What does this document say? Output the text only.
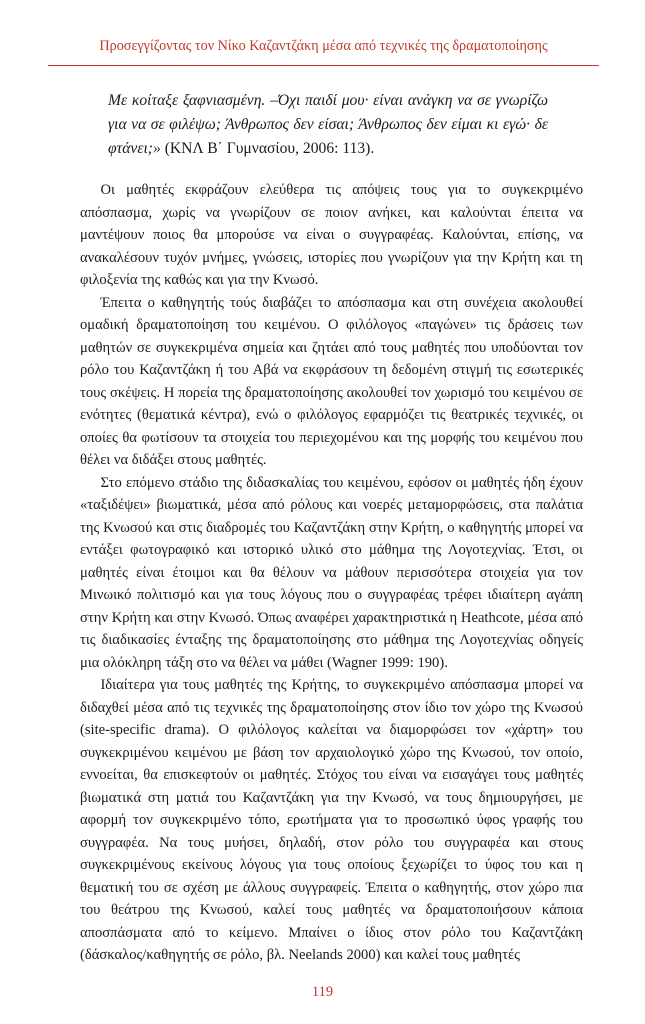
Προσεγγίζοντας τον Νίκο Καζαντζάκη μέσα από τεχνικές της δραματοποίησης
Με κοίταξε ξαφνιασμένη. –Όχι παιδί μου· είναι ανάγκη να σε γνωρίζω για να σε φιλέψω; Άνθρωπος δεν είσαι; Άνθρωπος δεν είμαι κι εγώ· δε φτάνει;» (ΚΝΛ Β΄ Γυμνασίου, 2006: 113).

Οι μαθητές εκφράζουν ελεύθερα τις απόψεις τους για το συγκεκριμένο απόσπασμα, χωρίς να γνωρίζουν σε ποιον ανήκει, και καλούνται έπειτα να μαντέψουν ποιος θα μπορούσε να είναι ο συγγραφέας. Καλούνται, επίσης, να ανακαλέσουν τυχόν μνήμες, γνώσεις, ιστορίες που γνωρίζουν για την Κρήτη και τη φιλοξενία της καθώς και για την Κνωσό.

Έπειτα ο καθηγητής τούς διαβάζει το απόσπασμα και στη συνέχεια ακολουθεί ομαδική δραματοποίηση του κειμένου. Ο φιλόλογος «παγώνει» τις δράσεις των μαθητών σε συγκεκριμένα σημεία και ζητάει από τους μαθητές που υποδύονται τον ρόλο του Καζαντζάκη ή του Αβά να εκφράσουν τη δεδομένη στιγμή τις εσωτερικές τους σκέψεις. Η πορεία της δραματοποίησης ακολουθεί τον χωρισμό του κειμένου σε ενότητες (θεματικά κέντρα), ενώ ο φιλόλογος εφαρμόζει τις θεατρικές τεχνικές, οι οποίες θα φωτίσουν τα στοιχεία του περιεχομένου και της μορφής του κειμένου που θέλει να διδάξει στους μαθητές.

Στο επόμενο στάδιο της διδασκαλίας του κειμένου, εφόσον οι μαθητές ήδη έχουν «ταξιδέψει» βιωματικά, μέσα από ρόλους και νοερές μεταμορφώσεις, στα παλάτια της Κνωσού και στις διαδρομές του Καζαντζάκη στην Κρήτη, ο καθηγητής μπορεί να εντάξει φωτογραφικό και ιστορικό υλικό στο μάθημα της Λογοτεχνίας. Έτσι, οι μαθητές είναι έτοιμοι και θα θέλουν να μάθουν περισσότερα στοιχεία για τον Μινωικό πολιτισμό και για τους λόγους που ο συγγραφέας τρέφει ιδιαίτερη αγάπη στην Κρήτη και στην Κνωσό. Όπως αναφέρει χαρακτηριστικά η Heathcote, μέσα από τις διαδικασίες ένταξης της δραματοποίησης στο μάθημα της Λογοτεχνίας οδηγείς μια ολόκληρη τάξη στο να θέλει να μάθει (Wagner 1999: 190).

Ιδιαίτερα για τους μαθητές της Κρήτης, το συγκεκριμένο απόσπασμα μπορεί να διδαχθεί μέσα από τις τεχνικές της δραματοποίησης στον ίδιο τον χώρο της Κνωσού (site-specific drama). Ο φιλόλογος καλείται να διαμορφώσει τον «χάρτη» του συγκεκριμένου κειμένου με βάση τον αρχαιολογικό χώρο της Κνωσού, τον οποίο, εννοείται, θα επισκεφτούν οι μαθητές. Στόχος του είναι να εισαγάγει τους μαθητές βιωματικά στη ματιά του Καζαντζάκη για την Κνωσό, να τους δημιουργήσει, με αφορμή τον συγκεκριμένο τόπο, ερωτήματα για το προσωπικό ύφος γραφής του συγγραφέα. Να τους μυήσει, δηλαδή, στον ρόλο του συγγραφέα και στους συγκεκριμένους εκείνους λόγους για τους οποίους ξεχωρίζει το ύφος του και η θεματική του σε σχέση με άλλους συγγραφείς. Έπειτα ο καθηγητής, στον χώρο πια του θεάτρου της Κνωσού, καλεί τους μαθητές να δραματοποιήσουν κάποια αποσπάσματα από το κείμενο. Μπαίνει ο ίδιος στον ρόλο του Καζαντζάκη (δάσκαλος/καθηγητής σε ρόλο, βλ. Neelands 2000) και καλεί τους μαθητές

119
